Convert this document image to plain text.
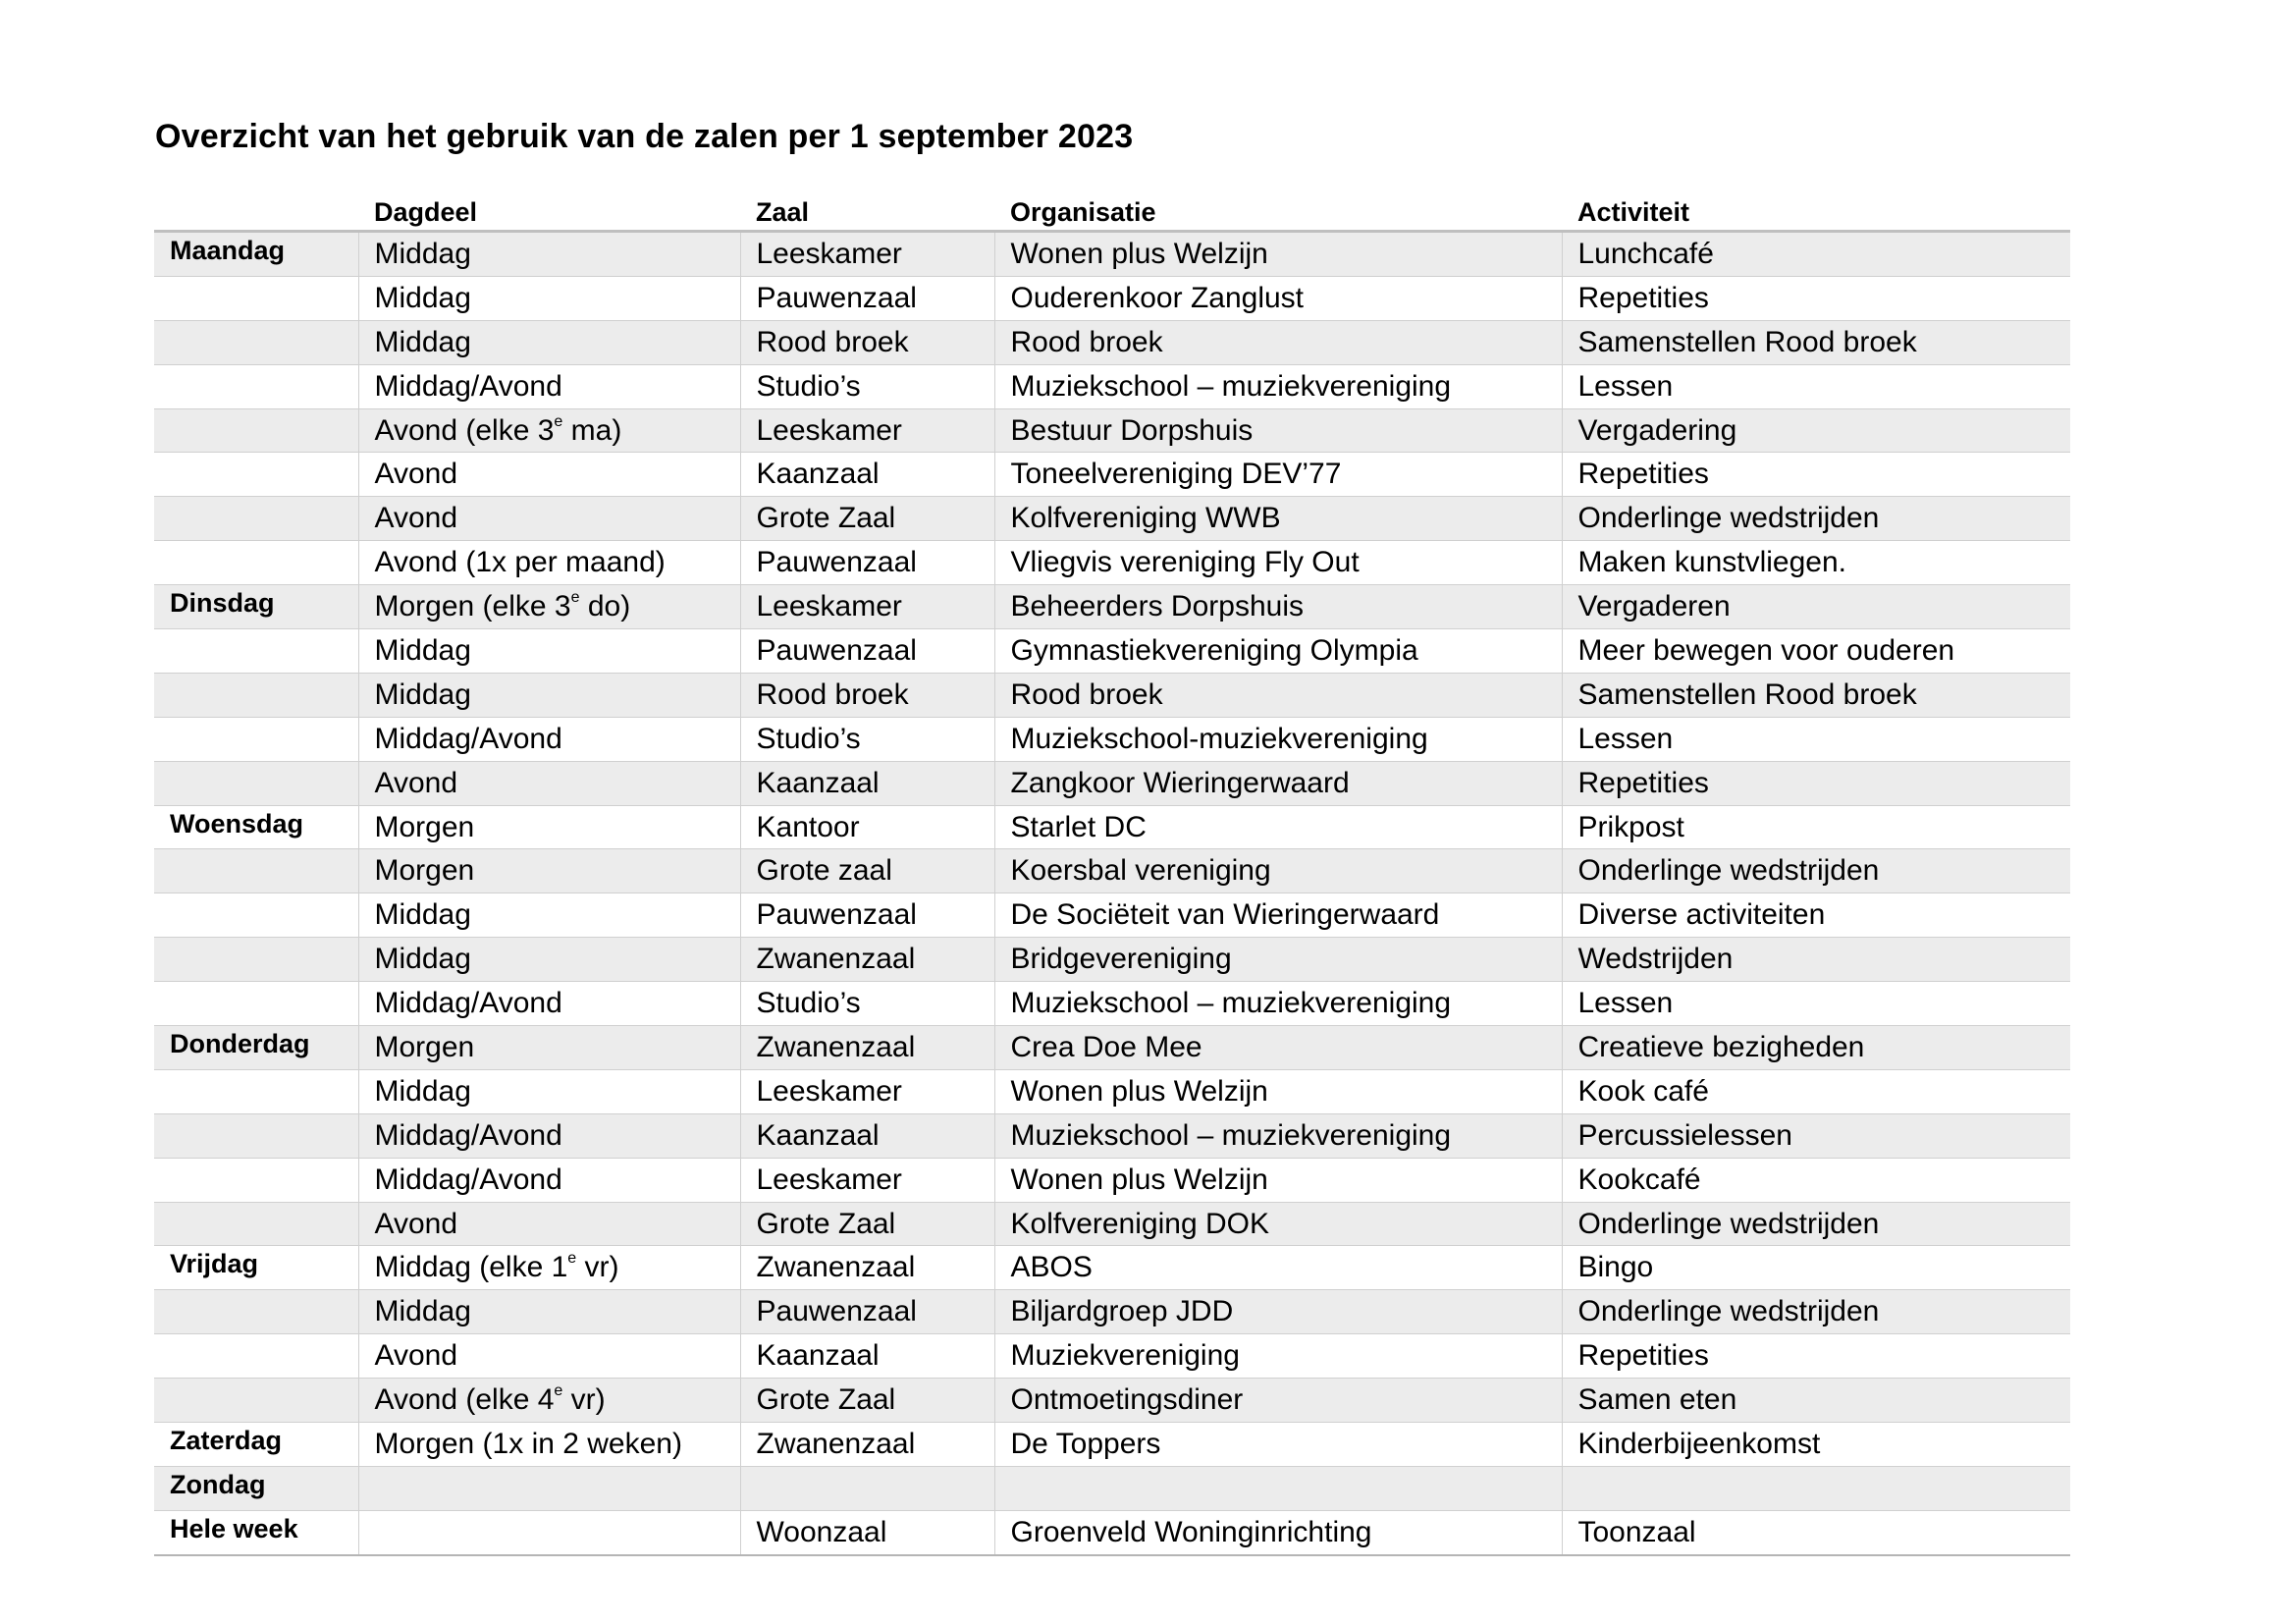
Overzicht van het gebruik van de zalen per 1 september 2023
	Dagdeel	Zaal	Organisatie	Activiteit
Maandag	Middag	Leeskamer	Wonen plus Welzijn	Lunchcafé
	Middag	Pauwenzaal	Ouderenkoor Zanglust	Repetities
	Middag	Rood broek	Rood broek	Samenstellen Rood broek
	Middag/Avond	Studio’s	Muziekschool – muziekvereniging	Lessen
	Avond (elke 3e ma)	Leeskamer	Bestuur Dorpshuis	Vergadering
	Avond	Kaanzaal	Toneelvereniging DEV’77	Repetities
	Avond	Grote Zaal	Kolfvereniging WWB	Onderlinge wedstrijden
	Avond (1x per maand)	Pauwenzaal	Vliegvis vereniging Fly Out	Maken kunstvliegen.
Dinsdag	Morgen (elke 3e do)	Leeskamer	Beheerders Dorpshuis	Vergaderen
	Middag	Pauwenzaal	Gymnastiekvereniging Olympia	Meer bewegen voor ouderen
	Middag	Rood broek	Rood broek	Samenstellen Rood broek
	Middag/Avond	Studio’s	Muziekschool-muziekvereniging	Lessen
	Avond	Kaanzaal	Zangkoor Wieringerwaard	Repetities
Woensdag	Morgen	Kantoor	Starlet DC	Prikpost
	Morgen	Grote zaal	Koersbal vereniging	Onderlinge wedstrijden
	Middag	Pauwenzaal	De Sociëteit van Wieringerwaard	Diverse activiteiten
	Middag	Zwanenzaal	Bridgevereniging	Wedstrijden
	Middag/Avond	Studio’s	Muziekschool – muziekvereniging	Lessen
Donderdag	Morgen	Zwanenzaal	Crea Doe Mee	Creatieve bezigheden
	Middag	Leeskamer	Wonen plus Welzijn	Kook café
	Middag/Avond	Kaanzaal	Muziekschool – muziekvereniging	Percussielessen
	Middag/Avond	Leeskamer	Wonen plus Welzijn	Kookcafé
	Avond	Grote Zaal	Kolfvereniging DOK	Onderlinge wedstrijden
Vrijdag	Middag (elke 1e vr)	Zwanenzaal	ABOS	Bingo
	Middag	Pauwenzaal	Biljardgroep JDD	Onderlinge wedstrijden
	Avond	Kaanzaal	Muziekvereniging	Repetities
	Avond (elke 4e vr)	Grote Zaal	Ontmoetingsdiner	Samen eten
Zaterdag	Morgen (1x in 2 weken)	Zwanenzaal	De Toppers	Kinderbijeenkomst
Zondag				
Hele week		Woonzaal	Groenveld Woninginrichting	Toonzaal
